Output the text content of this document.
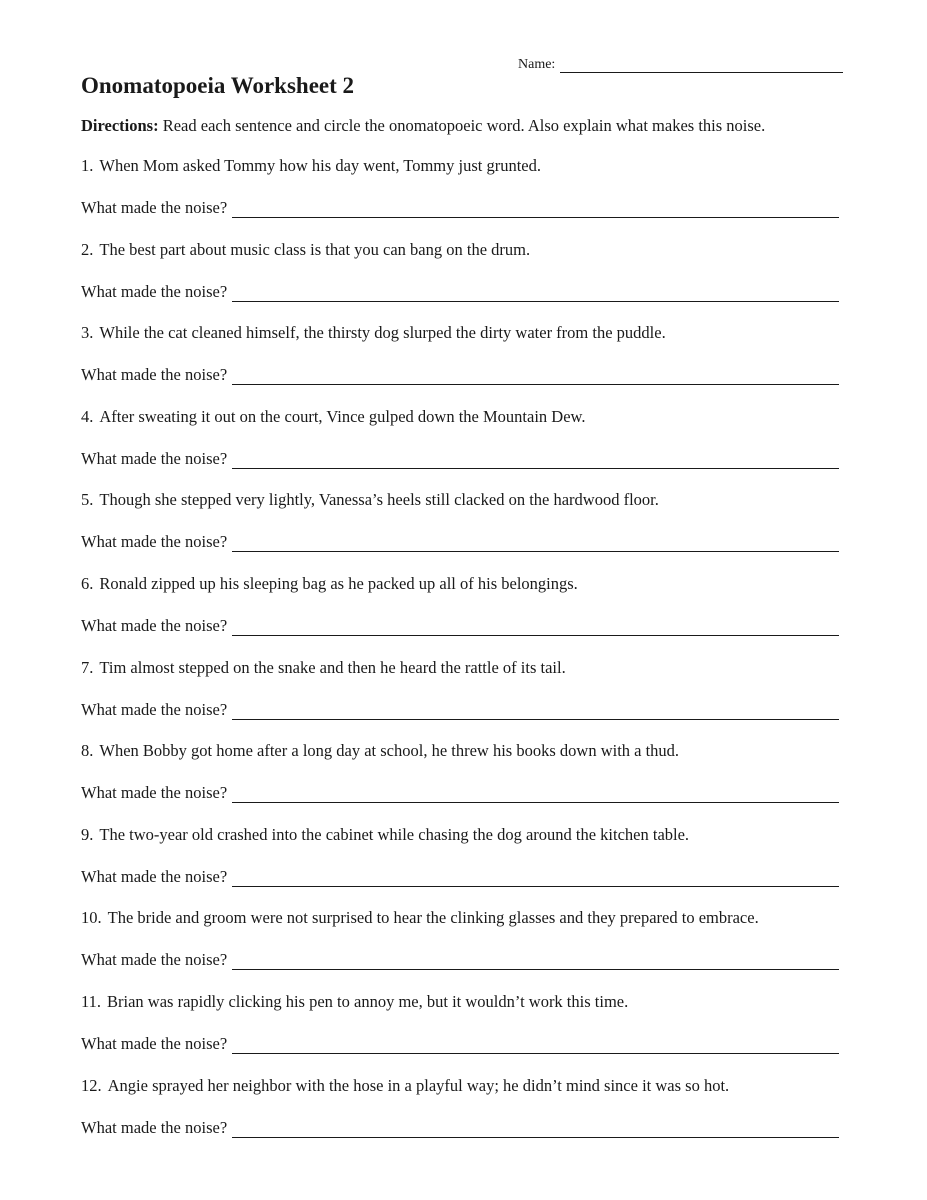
Name:
Onomatopoeia Worksheet 2
Directions: Read each sentence and circle the onomatopoeic word. Also explain what makes this noise.
1. When Mom asked Tommy how his day went, Tommy just grunted.
What made the noise?
2. The best part about music class is that you can bang on the drum.
What made the noise?
3. While the cat cleaned himself, the thirsty dog slurped the dirty water from the puddle.
What made the noise?
4. After sweating it out on the court, Vince gulped down the Mountain Dew.
What made the noise?
5. Though she stepped very lightly, Vanessa’s heels still clacked on the hardwood floor.
What made the noise?
6. Ronald zipped up his sleeping bag as he packed up all of his belongings.
What made the noise?
7. Tim almost stepped on the snake and then he heard the rattle of its tail.
What made the noise?
8. When Bobby got home after a long day at school, he threw his books down with a thud.
What made the noise?
9. The two-year old crashed into the cabinet while chasing the dog around the kitchen table.
What made the noise?
10. The bride and groom were not surprised to hear the clinking glasses and they prepared to embrace.
What made the noise?
11. Brian was rapidly clicking his pen to annoy me, but it wouldn’t work this time.
What made the noise?
12. Angie sprayed her neighbor with the hose in a playful way; he didn’t mind since it was so hot.
What made the noise?
